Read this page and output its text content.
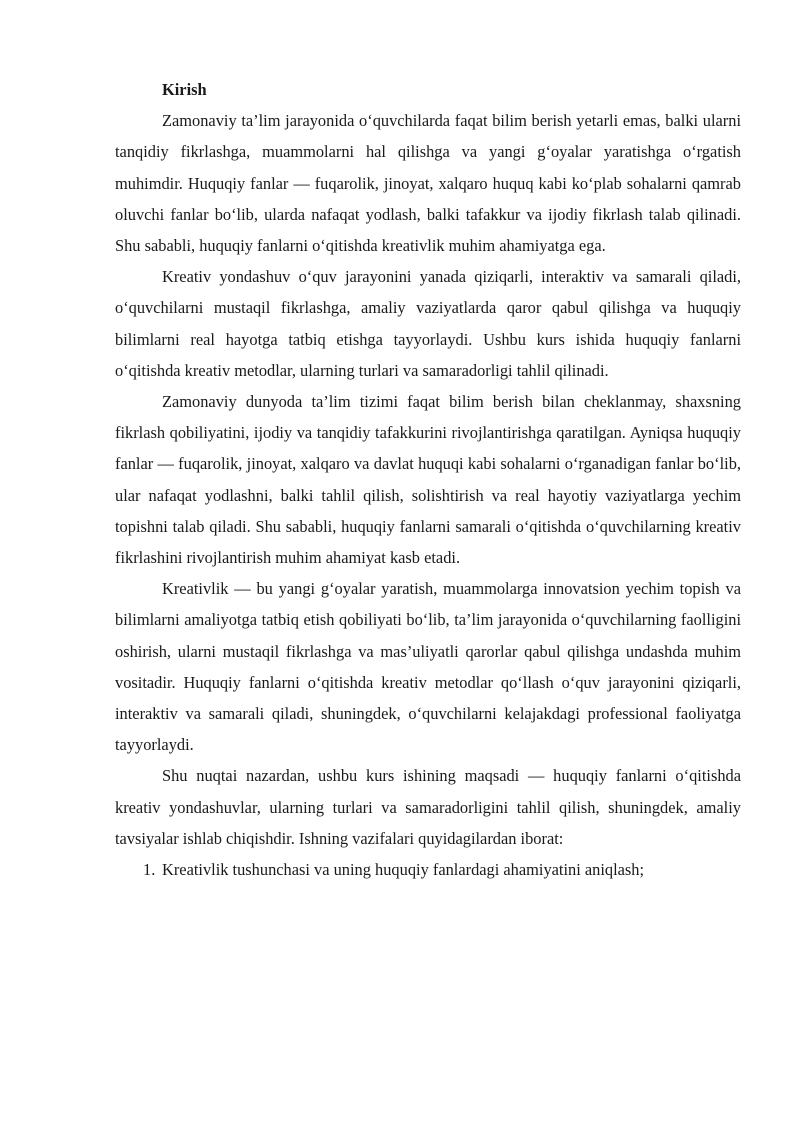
Kirish

Zamonaviy ta’lim jarayonida o‘quvchilarda faqat bilim berish yetarli emas, balki ularni tanqidiy fikrlashga, muammolarni hal qilishga va yangi g‘oyalar yaratishga o‘rgatish muhimdir. Huquqiy fanlar — fuqarolik, jinoyat, xalqaro huquq kabi ko‘plab sohalarni qamrab oluvchi fanlar bo‘lib, ularda nafaqat yodlash, balki tafakkur va ijodiy fikrlash talab qilinadi. Shu sababli, huquqiy fanlarni o‘qitishda kreativlik muhim ahamiyatga ega.

Kreativ yondashuv o‘quv jarayonini yanada qiziqarli, interaktiv va samarali qiladi, o‘quvchilarni mustaqil fikrlashga, amaliy vaziyatlarda qaror qabul qilishga va huquqiy bilimlarni real hayotga tatbiq etishga tayyorlaydi. Ushbu kurs ishida huquqiy fanlarni o‘qitishda kreativ metodlar, ularning turlari va samaradorligi tahlil qilinadi.

Zamonaviy dunyoda ta’lim tizimi faqat bilim berish bilan cheklanmay, shaxsning fikrlash qobiliyatini, ijodiy va tanqidiy tafakkurini rivojlantirishga qaratilgan. Ayniqsa huquqiy fanlar — fuqarolik, jinoyat, xalqaro va davlat huquqi kabi sohalarni o‘rganadigan fanlar bo‘lib, ular nafaqat yodlashni, balki tahlil qilish, solishtirish va real hayotiy vaziyatlarga yechim topishni talab qiladi. Shu sababli, huquqiy fanlarni samarali o‘qitishda o‘quvchilarning kreativ fikrlashini rivojlantirish muhim ahamiyat kasb etadi.

Kreativlik — bu yangi g‘oyalar yaratish, muammolarga innovatsion yechim topish va bilimlarni amaliyotga tatbiq etish qobiliyati bo‘lib, ta’lim jarayonida o‘quvchilarning faolligini oshirish, ularni mustaqil fikrlashga va mas’uliyatli qarorlar qabul qilishga undashda muhim vositadir. Huquqiy fanlarni o‘qitishda kreativ metodlar qo‘llash o‘quv jarayonini qiziqarli, interaktiv va samarali qiladi, shuningdek, o‘quvchilarni kelajakdagi professional faoliyatga tayyorlaydi.

Shu nuqtai nazardan, ushbu kurs ishining maqsadi — huquqiy fanlarni o‘qitishda kreativ yondashuvlar, ularning turlari va samaradorligini tahlil qilish, shuningdek, amaliy tavsiyalar ishlab chiqishdir. Ishning vazifalari quyidagilardan iborat:

1. Kreativlik tushunchasi va uning huquqiy fanlardagi ahamiyatini aniqlash;
